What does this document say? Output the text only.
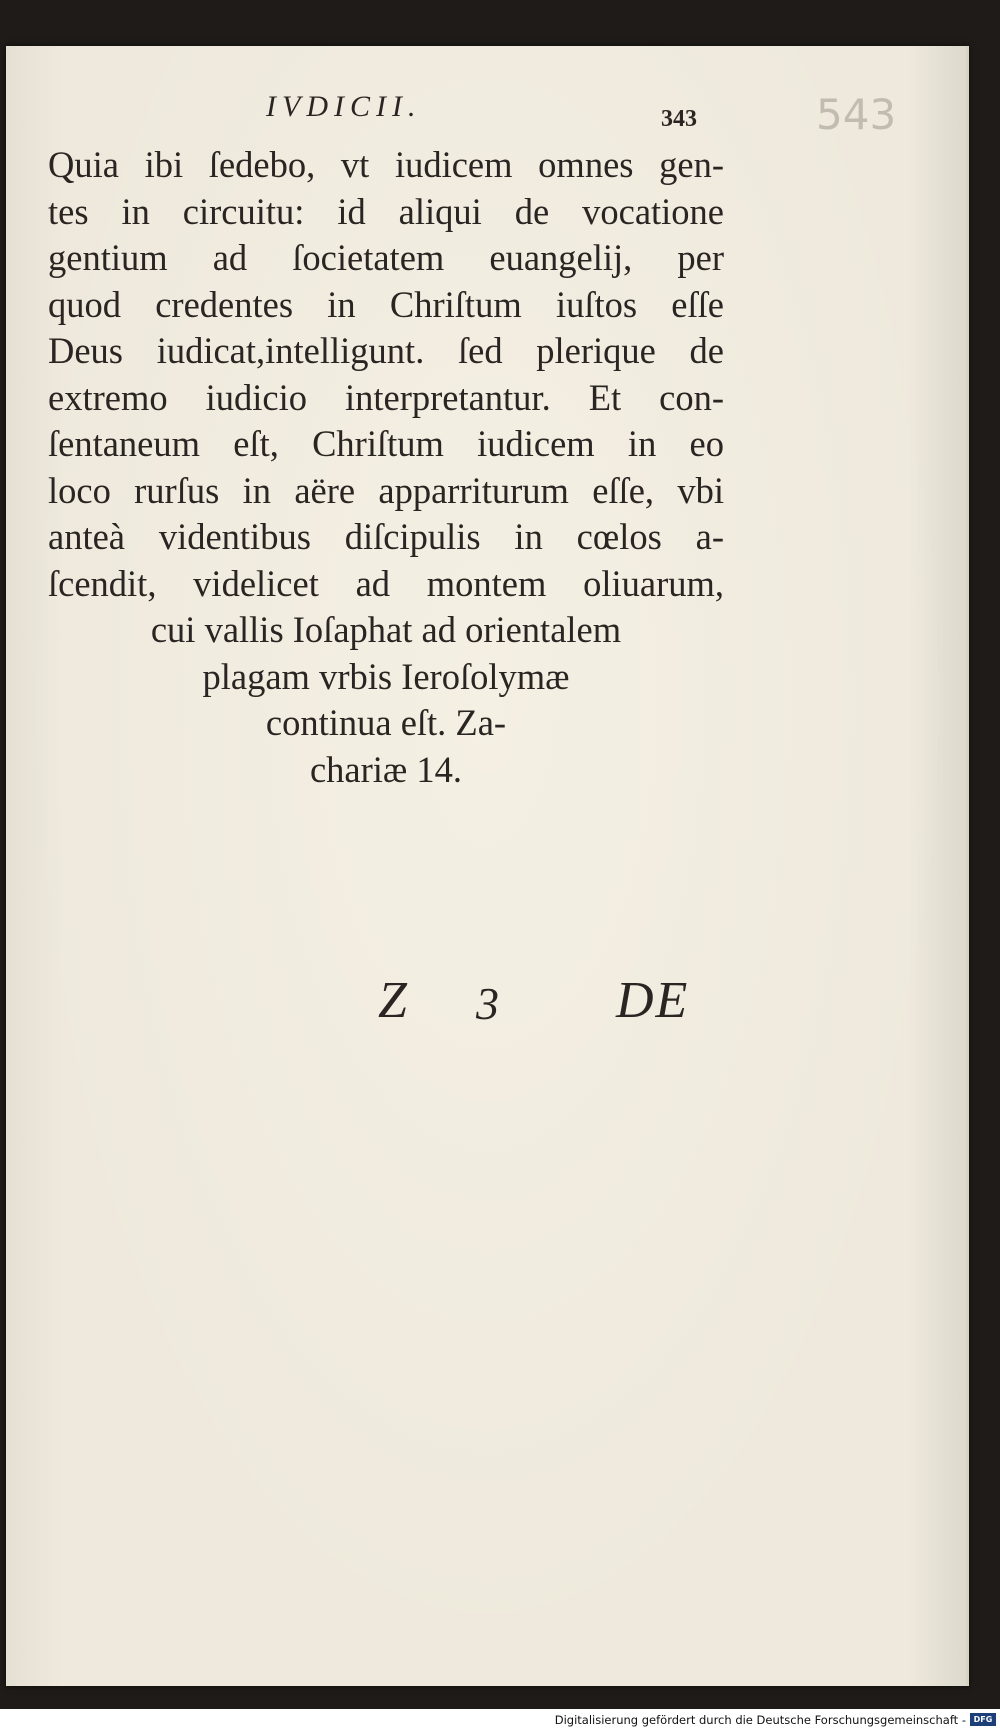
IVDICII.	343	543

Quia ibi ſedebo, vt iudicem omnes gen-
tes in circuitu: id aliqui de vocatione
gentium ad ſocietatem euangelij, per
quod credentes in Chriſtum iuſtos eſſe
Deus iudicat,intelligunt. ſed plerique de
extremo iudicio interpretantur. Et con-
ſentaneum eſt, Chriſtum iudicem in eo
loco rurſus in aëre apparriturum eſſe, vbi
anteà videntibus diſcipulis in cœlos a-
ſcendit, videlicet ad montem oliuarum,
cui vallis Ioſaphat ad orientalem
plagam vrbis Ieroſolymæ
continua eſt. Za-
chariæ 14.

Z 3 DE
Digitalisierung gefördert durch die Deutsche Forschungsgemeinschaft - DFG
